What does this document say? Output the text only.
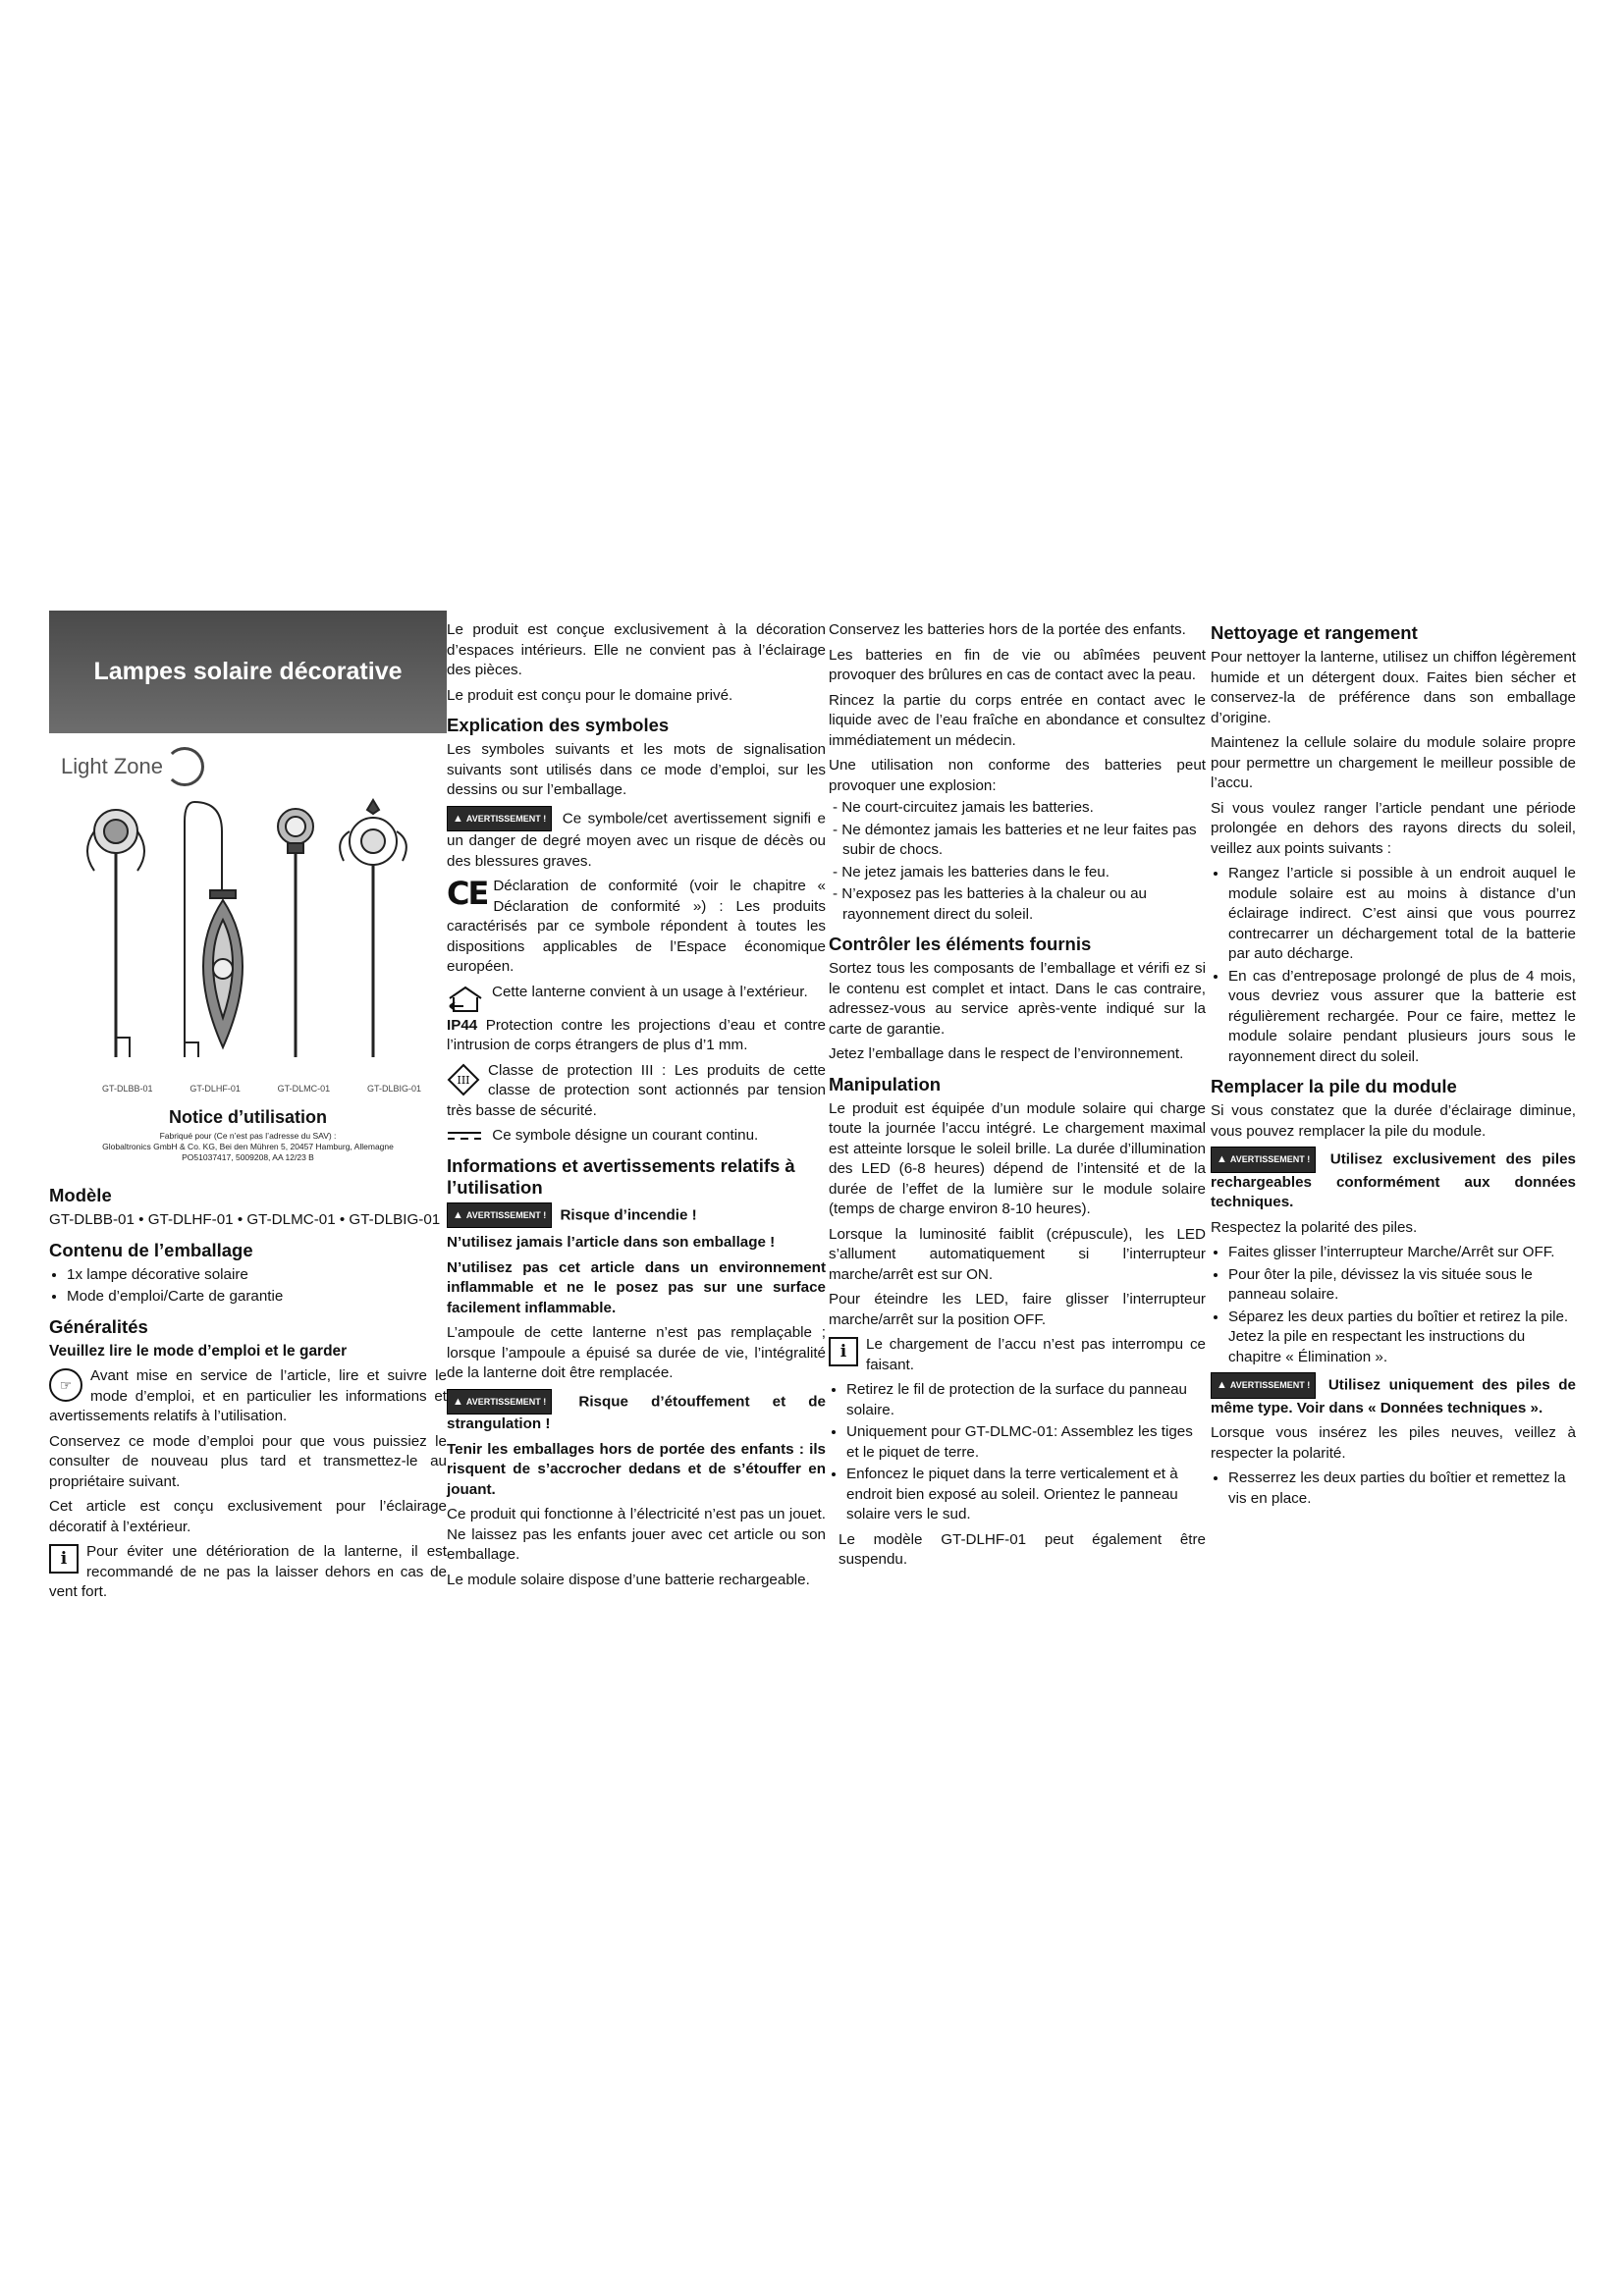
Lampes solaire décorative
Light Zone
GT-DLBB-01	GT-DLHF-01	GT-DLMC-01	GT-DLBIG-01
Notice d’utilisation
Fabriqué pour (Ce n’est pas l’adresse du SAV) :
Globaltronics GmbH & Co. KG, Bei den Mühren 5, 20457 Hamburg, Allemagne
PO51037417, 5009208, AA 12/23 B
Modèle

GT-DLBB-01 • GT-DLHF-01 • GT-DLMC-01 • GT-DLBIG-01

Contenu de l’emballage
• 1x lampe décorative solaire
• Mode d’emploi/Carte de garantie
Généralités
Veuillez lire le mode d’emploi et le garder

☞
Avant mise en service de l’article, lire et suivre le mode d’emploi, et en particulier les informations et avertissements relatifs à l’utilisation.

Conservez ce mode d’emploi pour que vous puissiez le consulter de nouveau plus tard et transmettez-le au propriétaire suivant.

Cet article est conçu exclusivement pour l’éclairage décoratif à l’extérieur.

i	Pour éviter une détérioration de la lanterne, il est recommandé de ne pas la laisser dehors en cas de vent fort.

Le produit est conçue exclusivement à la décoration d’espaces intérieurs. Elle ne convient pas à l’éclairage des pièces.

Le produit est conçu pour le domaine privé.

Explication des symboles

Les symboles suivants et les mots de signalisation suivants sont utilisés dans ce mode d’emploi, sur les dessins ou sur l’emballage.

▲ AVERTISSEMENT ! Ce symbole/cet avertissement signifi e un danger de degré moyen avec un risque de décès ou des blessures graves.

CE Déclaration de conformité (voir le chapitre « Déclaration de conformité ») : Les produits caractérisés par ce symbole répondent à toutes les dispositions applicables de l’Espace économique européen.

Cette lanterne convient à un usage à l’extérieur.

IP44 Protection contre les projections d’eau et contre l’intrusion de corps étrangers de plus d’1 mm.

III
Classe de protection III : Les produits de cette classe de protection sont actionnés par tension très basse de sécurité.

Ce symbole désigne un courant continu.

Informations et avertissements relatifs à l’utilisation

▲ AVERTISSEMENT ! Risque d’incendie !

N’utilisez jamais l’article dans son emballage !

N’utilisez pas cet article dans un environnement inflammable et ne le posez pas sur une surface facilement inflammable.

L’ampoule de cette lanterne n’est pas remplaçable ; lorsque l’ampoule a épuisé sa durée de vie, l’intégralité de la lanterne doit être remplacée.

▲ AVERTISSEMENT ! Risque d’étouffement et de strangulation !

Tenir les emballages hors de portée des enfants : ils risquent de s’accrocher dedans et de s’étouffer en jouant.

Ce produit qui fonctionne à l’électricité n’est pas un jouet. Ne laissez pas les enfants jouer avec cet article ou son emballage.

Le module solaire dispose d’une batterie rechargeable.

Conservez les batteries hors de la portée des enfants.

Les batteries en fin de vie ou abîmées peuvent provoquer des brûlures en cas de contact avec la peau.

Rincez la partie du corps entrée en contact avec le liquide avec de l’eau fraîche en abondance et consultez immédiatement un médecin.

Une utilisation non conforme des batteries peut provoquer une explosion:

- Ne court-circuitez jamais les batteries.
- Ne démontez jamais les batteries et ne leur faites pas subir de chocs.
- Ne jetez jamais les batteries dans le feu.
- N’exposez pas les batteries à la chaleur ou au rayonnement direct du soleil.
Contrôler les éléments fournis

Sortez tous les composants de l’emballage et vérifi ez si le contenu est complet et intact. Dans le cas contraire, adressez-vous au service après-vente indiqué sur la carte de garantie.

Jetez l’emballage dans le respect de l’environnement.

Manipulation

Le produit est équipée d’un module solaire qui charge toute la journée l’accu intégré. Le chargement maximal est atteinte lorsque le soleil brille. La durée d’illumination des LED (6-8 heures) dépend de l’intensité et de la durée de l’effet de la lumière sur le module solaire (temps de charge environ 8-10 heures).

Lorsque la luminosité faiblit (crépuscule), les LED s’allument automatiquement si l’interrupteur marche/arrêt est sur ON.

Pour éteindre les LED, faire glisser l’interrupteur marche/arrêt sur la position OFF.

i	Le chargement de l’accu n’est pas interrompu ce faisant.

• Retirez le fil de protection de la surface du panneau solaire.
• Uniquement pour GT-DLMC-01: Assemblez les tiges et le piquet de terre.
• Enfoncez le piquet dans la terre verticalement et à endroit bien exposé au soleil. Orientez le panneau solaire vers le sud.

Le modèle GT-DLHF-01 peut également être suspendu.

Nettoyage et rangement

Pour nettoyer la lanterne, utilisez un chiffon légèrement humide et un détergent doux. Faites bien sécher et conservez-la de préférence dans son emballage d’origine.

Maintenez la cellule solaire du module solaire propre pour permettre un chargement le meilleur possible de l’accu.

Si vous voulez ranger l’article pendant une période prolongée en dehors des rayons directs du soleil, veillez aux points suivants :

• Rangez l’article si possible à un endroit auquel le module solaire est au moins à distance d’un éclairage indirect. C’est ainsi que vous pourrez contrecarrer un déchargement total de la batterie par auto décharge.
• En cas d’entreposage prolongé de plus de 4 mois, vous devriez vous assurer que la batterie est régulièrement rechargée. Pour ce faire, mettez le module solaire pendant plusieurs jours sous le rayonnement direct du soleil.
Remplacer la pile du module

Si vous constatez que la durée d’éclairage diminue, vous pouvez remplacer la pile du module.

▲ AVERTISSEMENT ! Utilisez exclusivement des piles rechargeables conformément aux données techniques.

Respectez la polarité des piles.

• Faites glisser l’interrupteur Marche/Arrêt sur OFF.
• Pour ôter la pile, dévissez la vis située sous le panneau solaire.
• Séparez les deux parties du boîtier et retirez la pile. Jetez la pile en respectant les instructions du chapitre « Élimination ».

▲ AVERTISSEMENT ! Utilisez uniquement des piles de même type. Voir dans « Données techniques ».

Lorsque vous insérez les piles neuves, veillez à respecter la polarité.

• Resserrez les deux parties du boîtier et remettez la vis en place.
